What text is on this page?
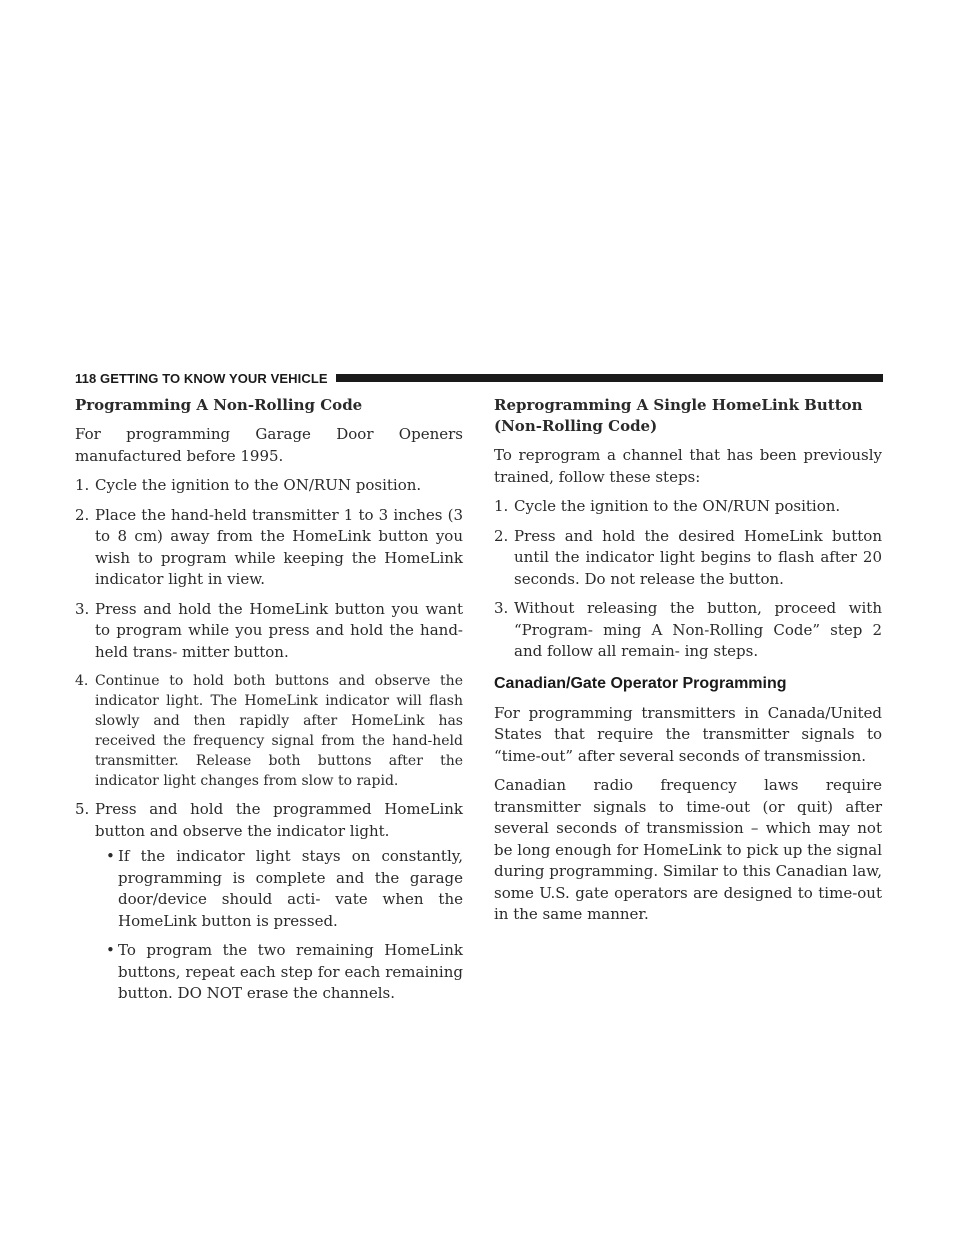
118 GETTING TO KNOW YOUR VEHICLE

Programming A Non-Rolling Code

For programming Garage Door Openers manufactured before 1995.

1. Cycle the ignition to the ON/RUN position.

2. Place the hand-held transmitter 1 to 3 inches (3 to 8 cm) away from the HomeLink button you wish to program while keeping the HomeLink indicator light in view.

3. Press and hold the HomeLink button you want to program while you press and hold the hand-held trans- mitter button.

4. Continue to hold both buttons and observe the indicator light. The HomeLink indicator will flash slowly and then rapidly after HomeLink has received the frequency signal from the hand-held transmitter. Release both buttons after the indicator light changes from slow to rapid.

5. Press and hold the programmed HomeLink button and observe the indicator light.

• If the indicator light stays on constantly, programming is complete and the garage door/device should acti- vate when the HomeLink button is pressed.

• To program the two remaining HomeLink buttons, repeat each step for each remaining button. DO NOT erase the channels.

Reprogramming A Single HomeLink Button
(Non-Rolling Code)

To reprogram a channel that has been previously trained, follow these steps:

1. Cycle the ignition to the ON/RUN position.

2. Press and hold the desired HomeLink button until the indicator light begins to flash after 20 seconds. Do not release the button.

3. Without releasing the button, proceed with “Program- ming A Non-Rolling Code” step 2 and follow all remain- ing steps.

Canadian/Gate Operator Programming

For programming transmitters in Canada/United States that require the transmitter signals to “time-out” after several seconds of transmission.

Canadian radio frequency laws require transmitter signals to time-out (or quit) after several seconds of transmission – which may not be long enough for HomeLink to pick up the signal during programming. Similar to this Canadian law, some U.S. gate operators are designed to time-out in the same manner.
